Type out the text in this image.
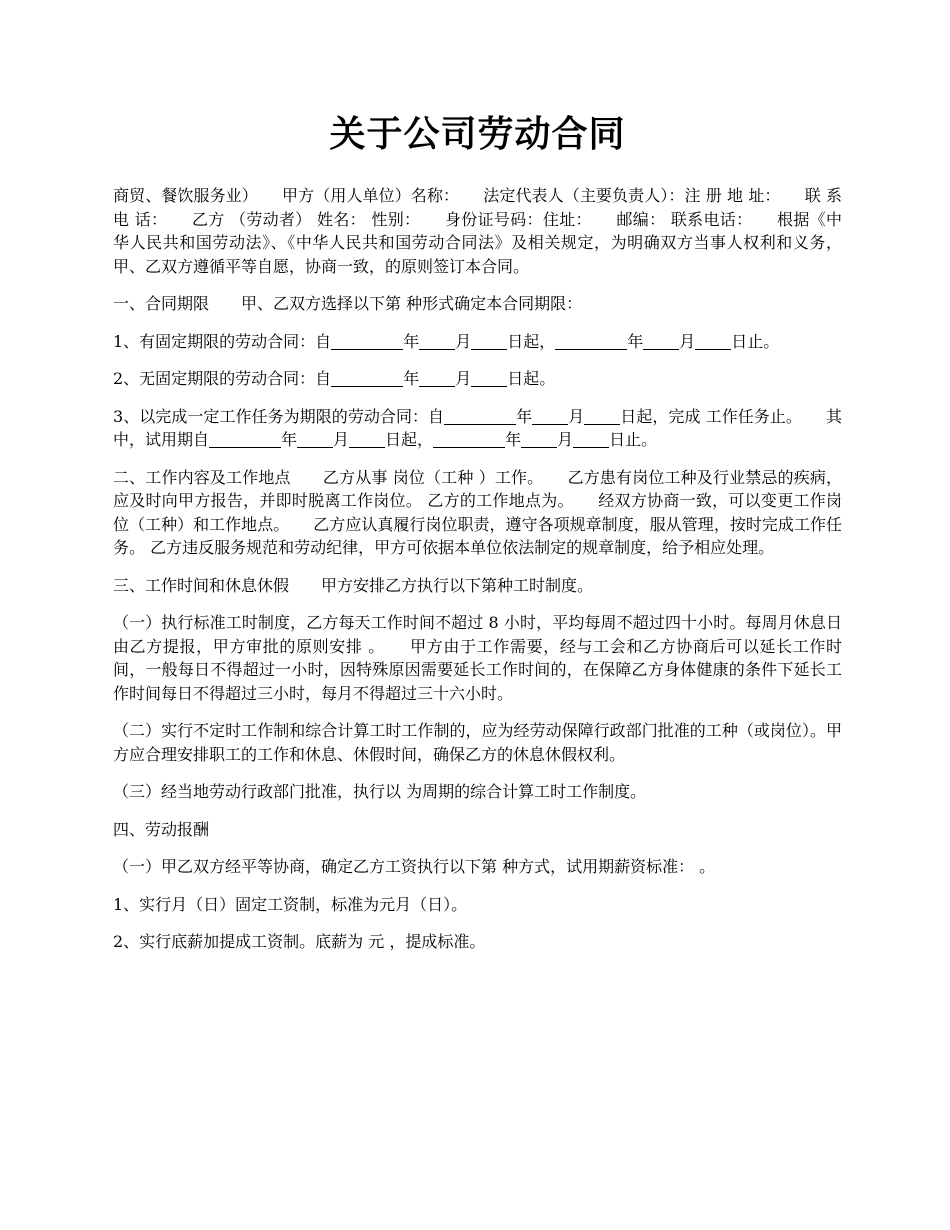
关于公司劳动合同

商贸、餐饮服务业）　　甲方（用人单位）名称：　　法定代表人（主要负责人）：注 册 地 址：　　联 系 电 话：　　乙方 （劳动者） 姓名： 性别：　　身份证号码：住址：　　邮编： 联系电话：　　根据《中华人民共和国劳动法》、《中华人民共和国劳动合同法》及相关规定，为明确双方当事人权利和义务，甲、乙双方遵循平等自愿，协商一致，的原则签订本合同。

一、合同期限　　甲、乙双方选择以下第 种形式确定本合同期限：

1、有固定期限的劳动合同：自	年 月 日起，	年 月 日止。

2、无固定期限的劳动合同：自	年 月 日起。

3、以完成一定工作任务为期限的劳动合同：自	年 月 日起，完成 工作任务止。　　其中，试用期自	年 月 日起，	年 月 日止。

二、工作内容及工作地点　　乙方从事 岗位（工种 ）工作。　　乙方患有岗位工种及行业禁忌的疾病，应及时向甲方报告，并即时脱离工作岗位。 乙方的工作地点为。　　经双方协商一致，可以变更工作岗位（工种）和工作地点。　　乙方应认真履行岗位职责，遵守各项规章制度，服从管理，按时完成工作任务。 乙方违反服务规范和劳动纪律，甲方可依据本单位依法制定的规章制度，给予相应处理。

三、工作时间和休息休假　　甲方安排乙方执行以下第种工时制度。

（一）执行标准工时制度，乙方每天工作时间不超过 8 小时，平均每周不超过四十小时。每周月休息日 由乙方提报，甲方审批的原则安排 。　　甲方由于工作需要，经与工会和乙方协商后可以延长工作时间，一般每日不得超过一小时，因特殊原因需要延长工作时间的，在保障乙方身体健康的条件下延长工作时间每日不得超过三小时，每月不得超过三十六小时。

（二）实行不定时工作制和综合计算工时工作制的，应为经劳动保障行政部门批准的工种（或岗位）。甲方应合理安排职工的工作和休息、休假时间，确保乙方的休息休假权利。

（三）经当地劳动行政部门批准，执行以 为周期的综合计算工时工作制度。

四、劳动报酬

（一）甲乙双方经平等协商，确定乙方工资执行以下第 种方式，试用期薪资标准： 。

1、实行月（日）固定工资制，标准为元月（日）。

2、实行底薪加提成工资制。底薪为 元 ，提成标准。
